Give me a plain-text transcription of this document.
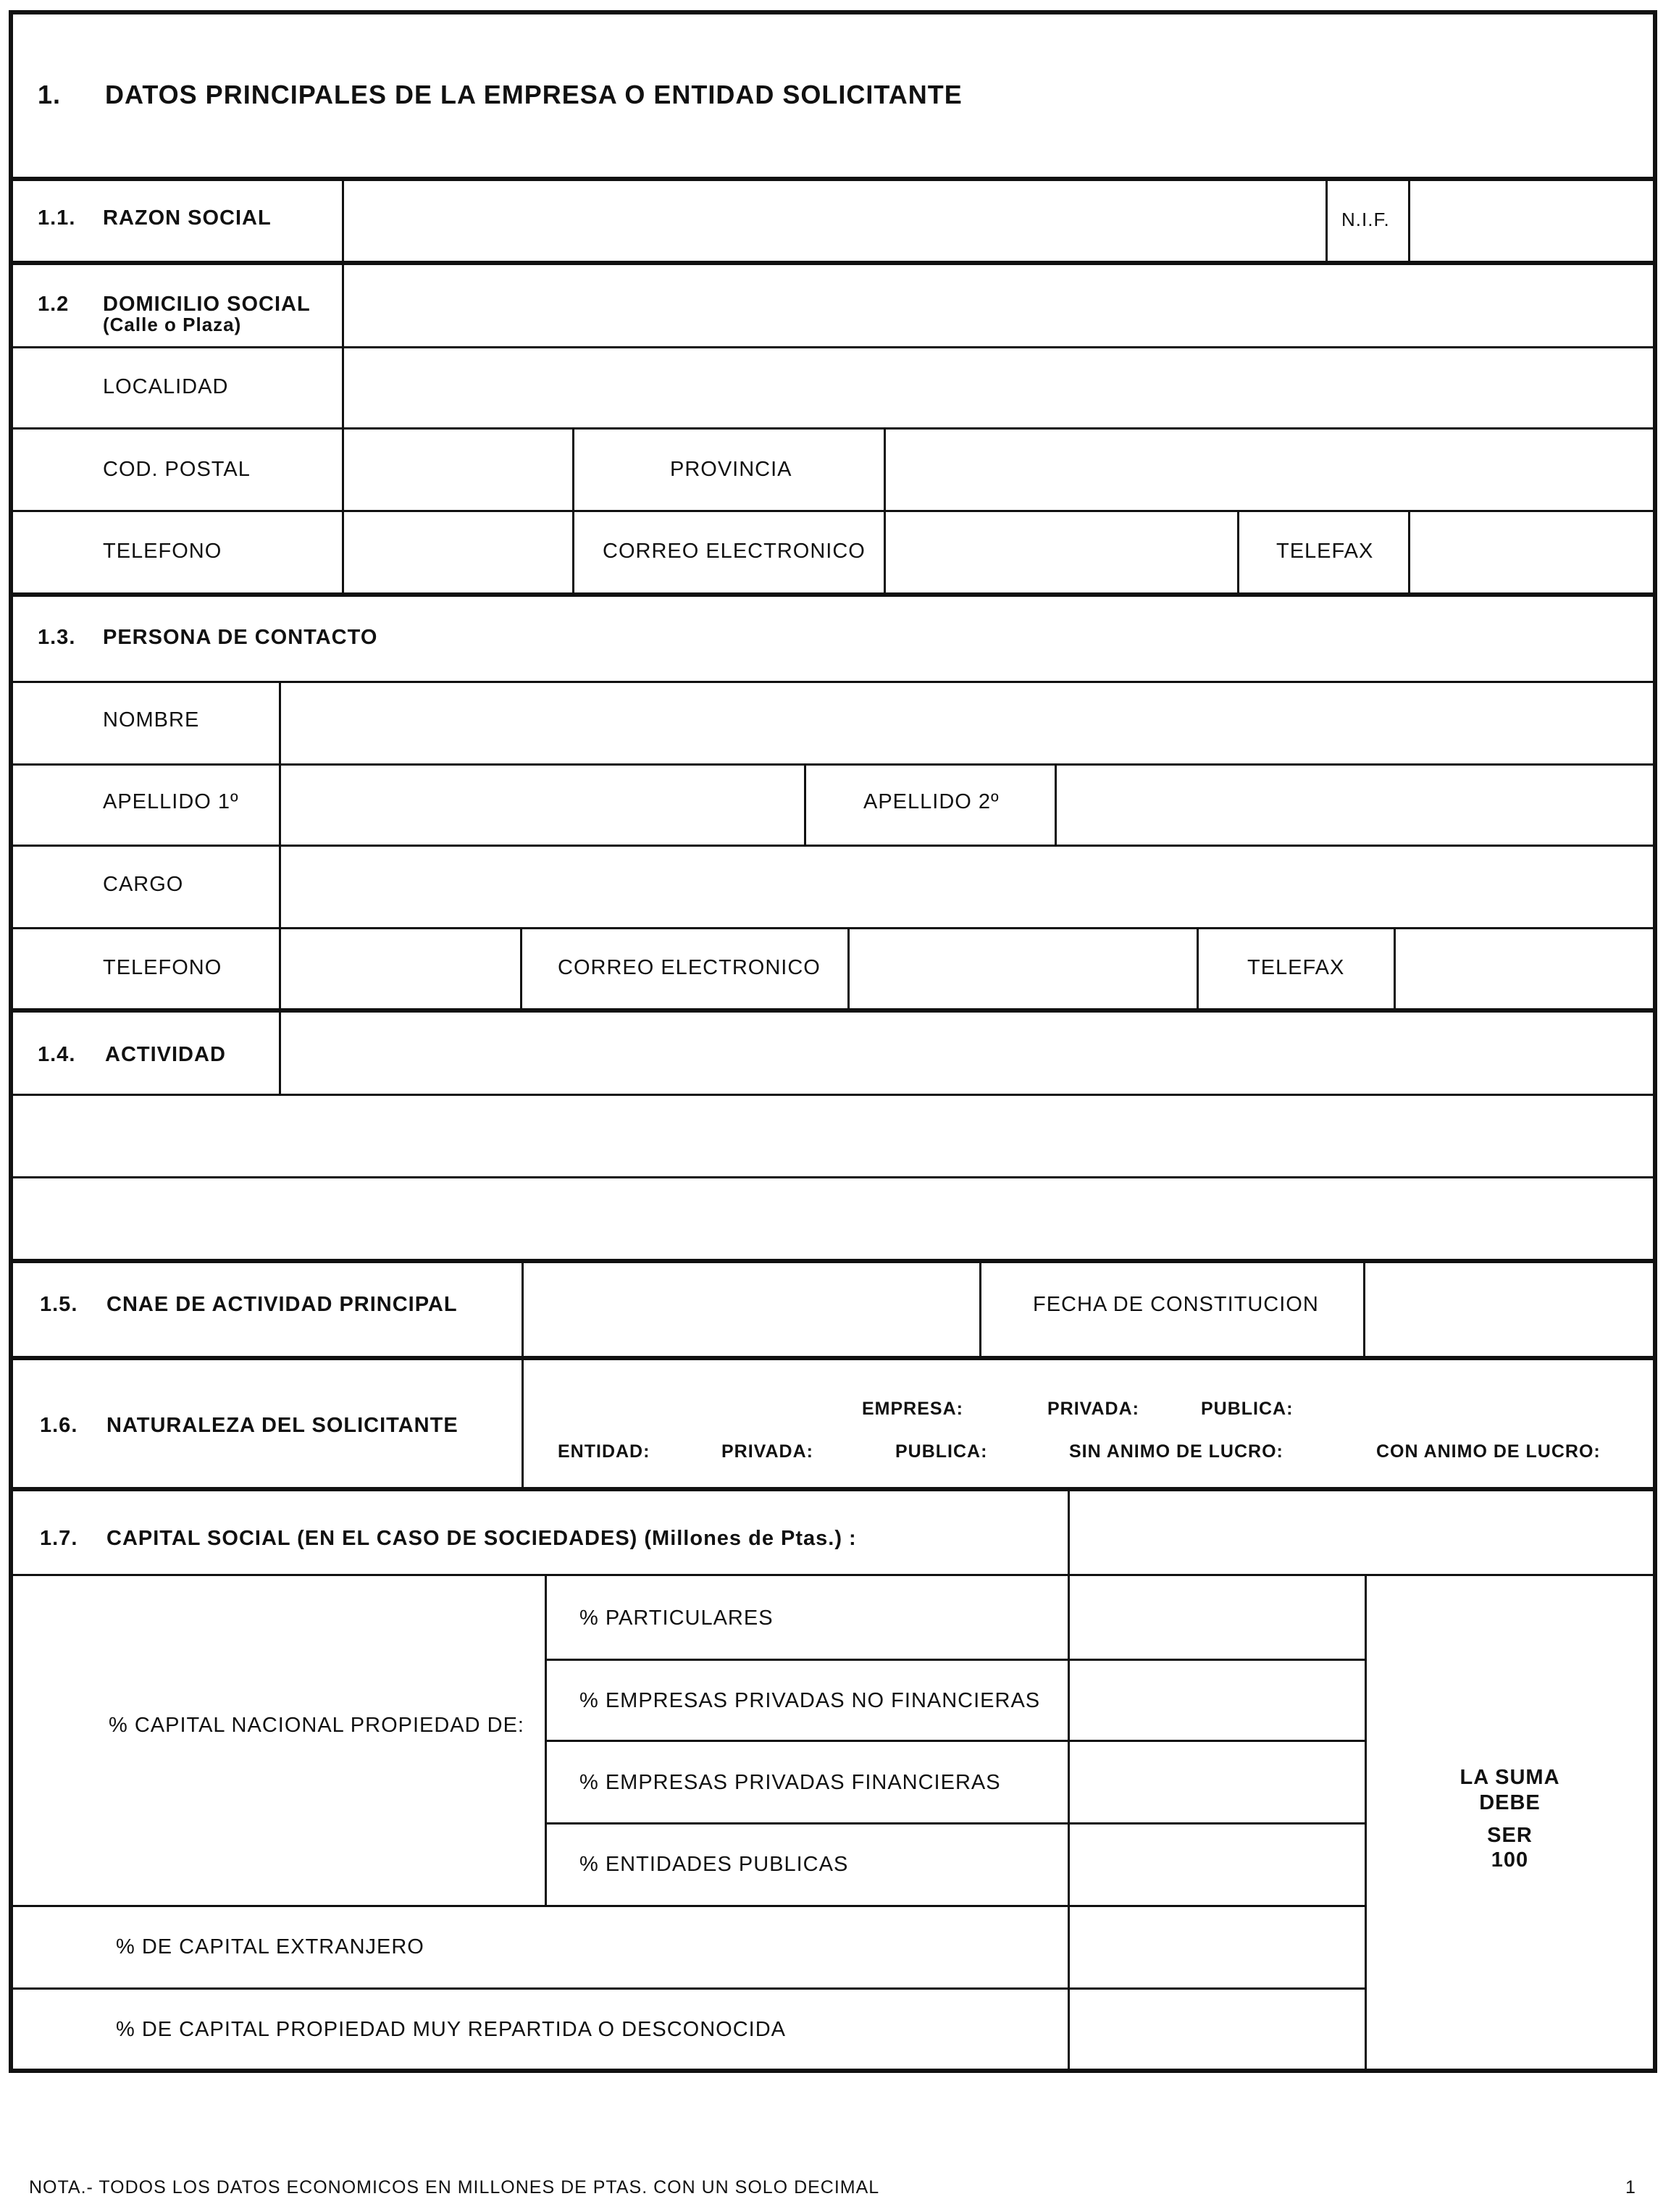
1. DATOS PRINCIPALES DE LA EMPRESA O ENTIDAD SOLICITANTE
1.1. RAZON SOCIAL	N.I.F.
1.2 DOMICILIO SOCIAL
(Calle o Plaza)
LOCALIDAD
COD. POSTAL	PROVINCIA
TELEFONO	CORREO ELECTRONICO	TELEFAX
1.3. PERSONA DE CONTACTO
NOMBRE
APELLIDO 1º	APELLIDO 2º
CARGO
TELEFONO	CORREO ELECTRONICO	TELEFAX
1.4. ACTIVIDAD
1.5. CNAE DE ACTIVIDAD PRINCIPAL	FECHA DE CONSTITUCION
1.6. NATURALEZA DEL SOLICITANTE
EMPRESA:	PRIVADA:	PUBLICA:
ENTIDAD:	PRIVADA:	PUBLICA:	SIN ANIMO DE LUCRO:	CON ANIMO DE LUCRO:
1.7. CAPITAL SOCIAL (EN EL CASO DE SOCIEDADES) (Millones de Ptas.) :
% CAPITAL NACIONAL PROPIEDAD DE:
% PARTICULARES
% EMPRESAS PRIVADAS NO FINANCIERAS
% EMPRESAS PRIVADAS FINANCIERAS
% ENTIDADES PUBLICAS
% DE CAPITAL EXTRANJERO
% DE CAPITAL PROPIEDAD MUY REPARTIDA O DESCONOCIDA
LA SUMA
DEBE
SER
100
NOTA.- TODOS LOS DATOS ECONOMICOS EN MILLONES DE PTAS. CON UN SOLO DECIMAL	1
